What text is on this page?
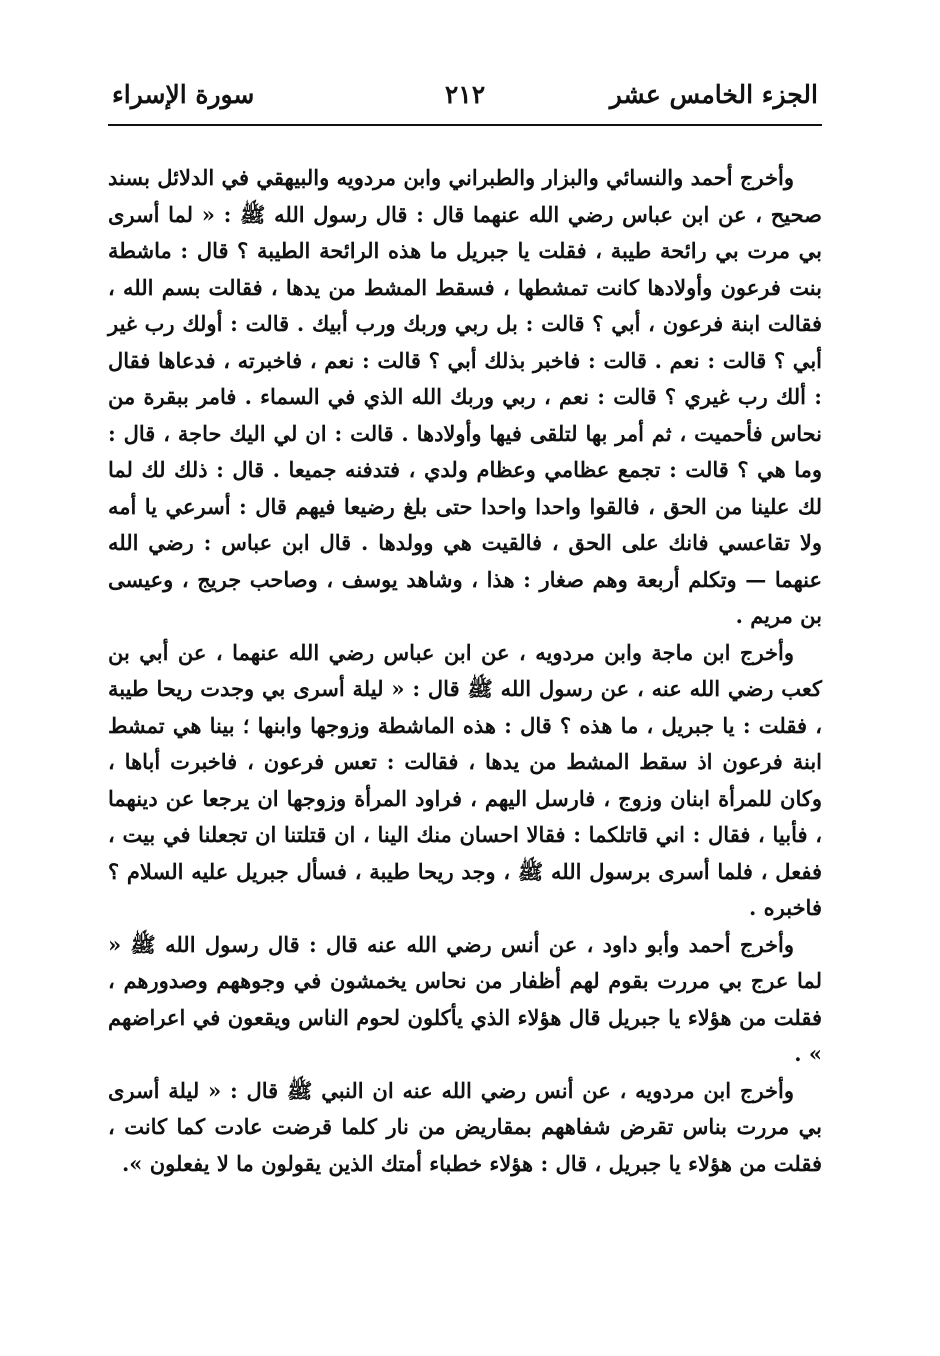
الجزء الخامس عشر
٢١٢
سورة الإسراء

وأخرج أحمد والنسائي والبزار والطبراني وابن مردويه والبيهقي في الدلائل بسند صحيح ، عن ابن عباس رضي الله عنهما قال : قال رسول الله ﷺ : « لما أسرى بي مرت بي رائحة طيبة ، فقلت يا جبريل ما هذه الرائحة الطيبة ؟ قال : ماشطة بنت فرعون وأولادها كانت تمشطها ، فسقط المشط من يدها ، فقالت بسم الله ، فقالت ابنة فرعون ، أبي ؟ قالت : بل ربي وربك ورب أبيك . قالت : أولك رب غير أبي ؟ قالت : نعم . قالت : فاخبر بذلك أبي ؟ قالت : نعم ، فاخبرته ، فدعاها فقال : ألك رب غيري ؟ قالت : نعم ، ربي وربك الله الذي في السماء . فامر ببقرة من نحاس فأحميت ، ثم أمر بها لتلقى فيها وأولادها . قالت : ان لي اليك حاجة ، قال : وما هي ؟ قالت : تجمع عظامي وعظام ولدي ، فتدفنه جميعا . قال : ذلك لك لما لك علينا من الحق ، فالقوا واحدا واحدا حتى بلغ رضيعا فيهم قال : أسرعي يا أمه ولا تقاعسي فانك على الحق ، فالقيت هي وولدها . قال ابن عباس : رضي الله عنهما — وتكلم أربعة وهم صغار : هذا ، وشاهد يوسف ، وصاحب جريج ، وعيسى بن مريم .

وأخرج ابن ماجة وابن مردويه ، عن ابن عباس رضي الله عنهما ، عن أبي بن كعب رضي الله عنه ، عن رسول الله ﷺ قال : « ليلة أسرى بي وجدت ريحا طيبة ، فقلت : يا جبريل ، ما هذه ؟ قال : هذه الماشطة وزوجها وابنها ؛ بينا هي تمشط ابنة فرعون اذ سقط المشط من يدها ، فقالت : تعس فرعون ، فاخبرت أباها ، وكان للمرأة ابنان وزوج ، فارسل اليهم ، فراود المرأة وزوجها ان يرجعا عن دينهما ، فأبيا ، فقال : اني قاتلكما : فقالا احسان منك الينا ، ان قتلتنا ان تجعلنا في بيت ، ففعل ، فلما أسرى برسول الله ﷺ ، وجد ريحا طيبة ، فسأل جبريل عليه السلام ؟ فاخبره .

وأخرج أحمد وأبو داود ، عن أنس رضي الله عنه قال : قال رسول الله ﷺ « لما عرج بي مررت بقوم لهم أظفار من نحاس يخمشون في وجوههم وصدورهم ، فقلت من هؤلاء يا جبريل قال هؤلاء الذي يأكلون لحوم الناس ويقعون في اعراضهم » .

وأخرج ابن مردويه ، عن أنس رضي الله عنه ان النبي ﷺ قال : « ليلة أسرى بي مررت بناس تقرض شفاههم بمقاريض من نار كلما قرضت عادت كما كانت ، فقلت من هؤلاء يا جبريل ، قال : هؤلاء خطباء أمتك الذين يقولون ما لا يفعلون ».
